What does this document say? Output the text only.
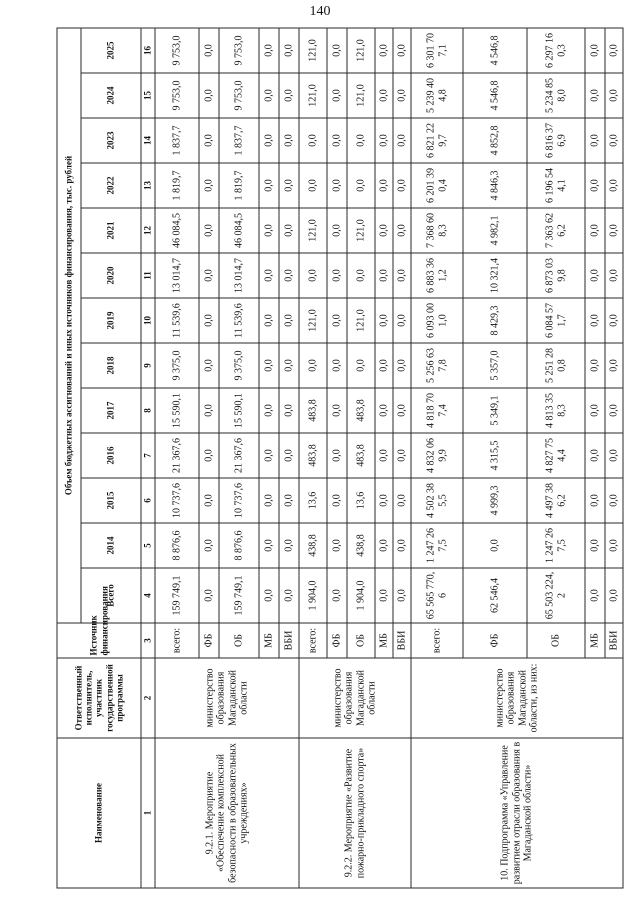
140
Наименование	Ответственный исполнитель, участник государственной программы	Источник финансирования	Объем бюджетных ассигнований и иных источников финансирования, тыс. рублей												
			Всего	2014	2015	2016	2017	2018	2019	2020	2021	2022	2023	2024	2025
1	2	3	4	5	6	7	8	9	10	11	12	13	14	15	16
9.2.1. Мероприятие «Обеспечение комплексной безопасности в образовательных учреждениях»	министерство образования Магаданской области	всего:	159 749,1	8 876,6	10 737,6	21 367,6	15 590,1	9 375,0	11 539,6	13 014,7	46 084,5	1 819,7	1 837,7	9 753,0	9 753,0
		ФБ	0,0	0,0	0,0	0,0	0,0	0,0	0,0	0,0	0,0	0,0	0,0	0,0	0,0
		ОБ	159 749,1	8 876,6	10 737,6	21 367,6	15 590,1	9 375,0	11 539,6	13 014,7	46 084,5	1 819,7	1 837,7	9 753,0	9 753,0
		МБ	0,0	0,0	0,0	0,0	0,0	0,0	0,0	0,0	0,0	0,0	0,0	0,0	0,0
		ВБИ	0,0	0,0	0,0	0,0	0,0	0,0	0,0	0,0	0,0	0,0	0,0	0,0	0,0
9.2.2. Мероприятие «Развитие пожарно-прикладного спорта»	министерство образования Магаданской области	всего:	1 904,0	438,8	13,6	483,8	483,8	0,0	121,0	0,0	121,0	0,0	0,0	121,0	121,0
		ФБ	0,0	0,0	0,0	0,0	0,0	0,0	0,0	0,0	0,0	0,0	0,0	0,0	0,0
		ОБ	1 904,0	438,8	13,6	483,8	483,8	0,0	121,0	0,0	121,0	0,0	0,0	121,0	121,0
		МБ	0,0	0,0	0,0	0,0	0,0	0,0	0,0	0,0	0,0	0,0	0,0	0,0	0,0
		ВБИ	0,0	0,0	0,0	0,0	0,0	0,0	0,0	0,0	0,0	0,0	0,0	0,0	0,0
10. Подпрограмма «Управление развитием отрасли образования в Магаданской области»	министерство образования Магаданской области, из них:	всего:	65 565 770,6	1 247 267,5	4 502 385,5	4 832 069,9	4 818 707,4	5 256 637,8	6 093 001,0	6 883 361,2	7 368 608,3	6 201 390,4	6 821 229,7	5 239 404,8	6 301 707,1
		ФБ	62 546,4	0,0	4 999,3	4 315,5	5 349,1	5 357,0	8 429,3	10 321,4	4 982,1	4 846,3	4 852,8	4 546,8	4 546,8
		ОБ	65 503 224,2	1 247 267,5	4 497 386,2	4 827 754,4	4 813 358,3	5 251 280,8	6 084 571,7	6 873 039,8	7 363 626,2	6 196 544,1	6 816 376,9	5 234 858,0	6 297 160,3
		МБ	0,0	0,0	0,0	0,0	0,0	0,0	0,0	0,0	0,0	0,0	0,0	0,0	0,0
		ВБИ	0,0	0,0	0,0	0,0	0,0	0,0	0,0	0,0	0,0	0,0	0,0	0,0	0,0
